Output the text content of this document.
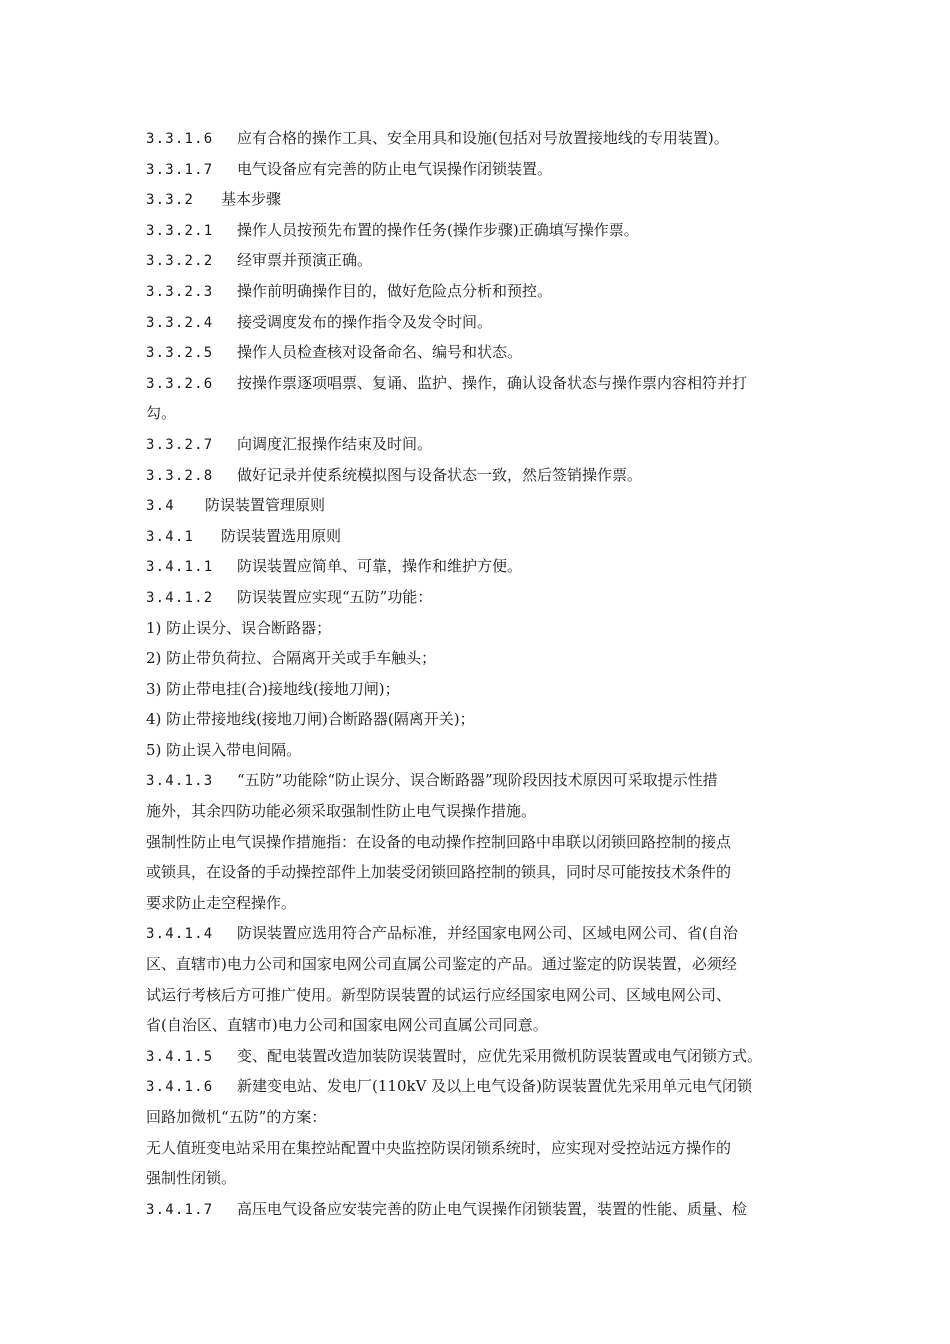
3.3.1.6 应有合格的操作工具、安全用具和设施(包括对号放置接地线的专用装置)。
3.3.1.7 电气设备应有完善的防止电气误操作闭锁装置。
3.3.2 基本步骤
3.3.2.1 操作人员按预先布置的操作任务(操作步骤)正确填写操作票。
3.3.2.2 经审票并预演正确。
3.3.2.3 操作前明确操作目的，做好危险点分析和预控。
3.3.2.4 接受调度发布的操作指令及发令时间。
3.3.2.5 操作人员检查核对设备命名、编号和状态。
3.3.2.6 按操作票逐项唱票、复诵、监护、操作，确认设备状态与操作票内容相符并打
勾。
3.3.2.7 向调度汇报操作结束及时间。
3.3.2.8 做好记录并使系统模拟图与设备状态一致，然后签销操作票。
3.4 防误装置管理原则
3.4.1 防误装置选用原则
3.4.1.1 防误装置应简单、可靠，操作和维护方便。
3.4.1.2 防误装置应实现“五防”功能：
1) 防止误分、误合断路器；
2) 防止带负荷拉、合隔离开关或手车触头；
3) 防止带电挂(合)接地线(接地刀闸)；
4) 防止带接地线(接地刀闸)合断路器(隔离开关)；
5) 防止误入带电间隔。
3.4.1.3 “五防”功能除“防止误分、误合断路器”现阶段因技术原因可采取提示性措
施外，其余四防功能必须采取强制性防止电气误操作措施。
强制性防止电气误操作措施指：在设备的电动操作控制回路中串联以闭锁回路控制的接点
或锁具，在设备的手动操控部件上加装受闭锁回路控制的锁具，同时尽可能按技术条件的
要求防止走空程操作。
3.4.1.4 防误装置应选用符合产品标准，并经国家电网公司、区域电网公司、省(自治
区、直辖市)电力公司和国家电网公司直属公司鉴定的产品。通过鉴定的防误装置，必须经
试运行考核后方可推广使用。新型防误装置的试运行应经国家电网公司、区域电网公司、
省(自治区、直辖市)电力公司和国家电网公司直属公司同意。
3.4.1.5 变、配电装置改造加装防误装置时，应优先采用微机防误装置或电气闭锁方式。
3.4.1.6 新建变电站、发电厂(110kV 及以上电气设备)防误装置优先采用单元电气闭锁
回路加微机“五防”的方案：
无人值班变电站采用在集控站配置中央监控防误闭锁系统时，应实现对受控站远方操作的
强制性闭锁。
3.4.1.7 高压电气设备应安装完善的防止电气误操作闭锁装置，装置的性能、质量、检
